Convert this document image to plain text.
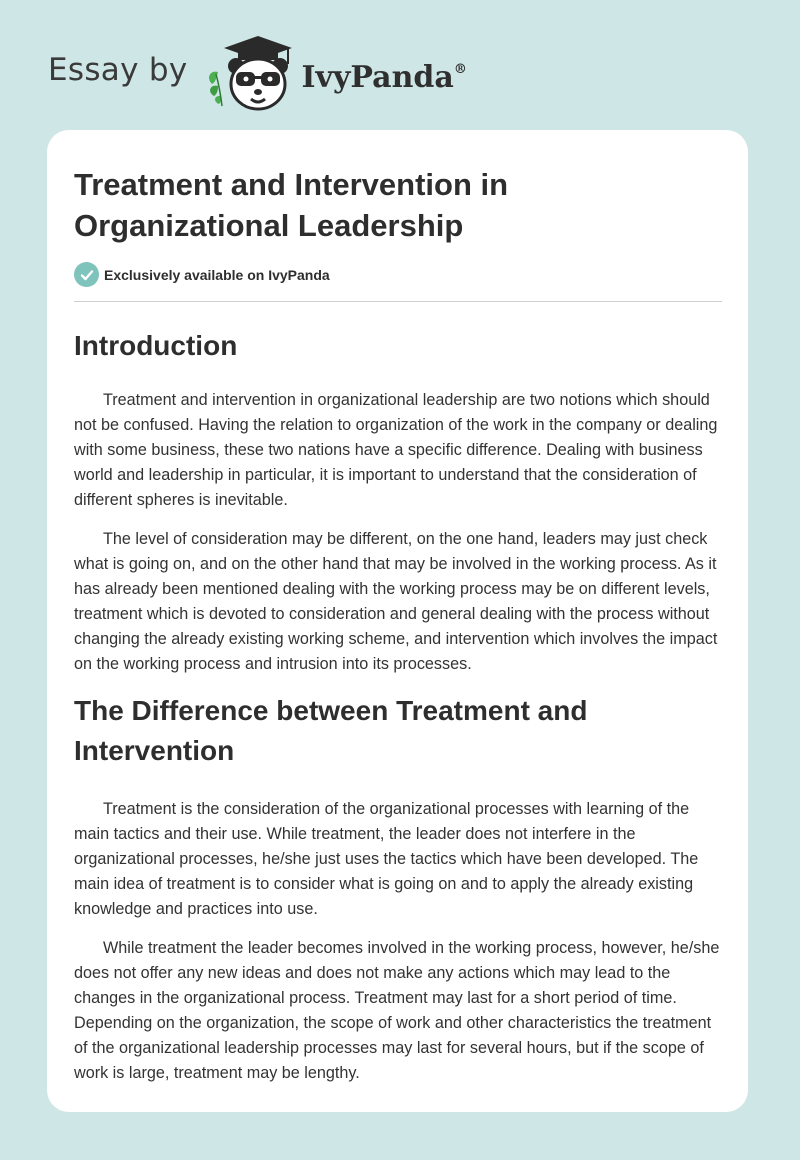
Essay by	IvyPanda®
Treatment and Intervention in Organizational Leadership
Exclusively available on IvyPanda
Introduction

Treatment and intervention in organizational leadership are two notions which should not be confused. Having the relation to organization of the work in the company or dealing with some business, these two nations have a specific difference. Dealing with business world and leadership in particular, it is important to understand that the consideration of different spheres is inevitable.

The level of consideration may be different, on the one hand, leaders may just check what is going on, and on the other hand that may be involved in the working process. As it has already been mentioned dealing with the working process may be on different levels, treatment which is devoted to consideration and general dealing with the process without changing the already existing working scheme, and intervention which involves the impact on the working process and intrusion into its processes.

The Difference between Treatment and Intervention

Treatment is the consideration of the organizational processes with learning of the main tactics and their use. While treatment, the leader does not interfere in the organizational processes, he/she just uses the tactics which have been developed. The main idea of treatment is to consider what is going on and to apply the already existing knowledge and practices into use.

While treatment the leader becomes involved in the working process, however, he/she does not offer any new ideas and does not make any actions which may lead to the changes in the organizational process. Treatment may last for a short period of time. Depending on the organization, the scope of work and other characteristics the treatment of the organizational leadership processes may last for several hours, but if the scope of work is large, treatment may be lengthy.
